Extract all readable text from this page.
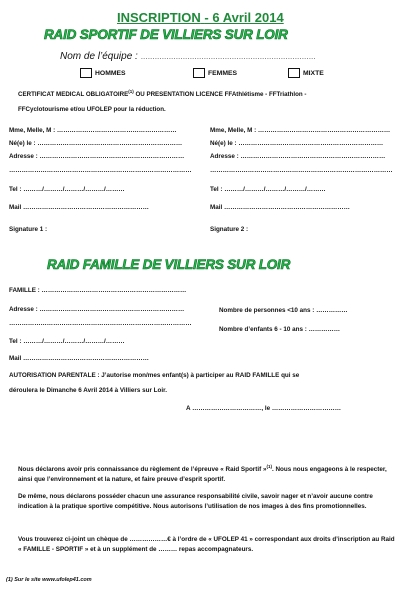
INSCRIPTION - 6 Avril 2014
RAID SPORTIF DE VILLIERS SUR LOIR
Nom de l’équipe : …………………………………………………………………
HOMMES	FEMMES	MIXTE
CERTIFICAT MEDICAL OBLIGATOIRE$^{(1)}$ OU PRESENTATION LICENCE FFAthlétisme - FFTriathlon -
FFCyclotourisme et/ou UFOLEP pour la réduction.
Mme, Melle, M : …………………………………………………
Né(e) le : ……………………………………………………………
Adresse : ……………………………………………………………
……………………………………………………………………………
Tel : ………/………/………/………/………
Mail ……………………………………………………
Signature 1 :
Mme, Melle, M : ………………………………………………………
Né(e) le : ……………………………………………………………
Adresse : ……………………………………………………………
……………………………………………………………………………
Tel : ………/………/………/………/………
Mail ……………………………………………………
Signature 2 :
RAID FAMILLE DE VILLIERS SUR LOIR
FAMILLE : ……………………………………………………………
Adresse : ……………………………………………………………
……………………………………………………………………………
Tel : ………/………/………/………/………
Mail ……………………………………………………
Nombre de personnes <10 ans : ……………
Nombre d’enfants 6 - 10 ans : ……………
AUTORISATION PARENTALE : J’autorise mon/mes enfant(s) à participer au RAID FAMILLE qui se
déroulera le Dimanche 6 Avril 2014 à Villiers sur Loir.
A ……………………………, le ……………………………
Nous déclarons avoir pris connaissance du règlement de l’épreuve « Raid Sportif »$^{(1)}$. Nous nous engageons à le respecter, ainsi que l’environnement et la nature, et faire preuve d’esprit sportif.
De même, nous déclarons posséder chacun une assurance responsabilité civile, savoir nager et n’avoir aucune contre indication à la pratique sportive compétitive. Nous autorisons l’utilisation de nos images à des fins promotionnelles.
Vous trouverez ci-joint un chèque de ………………€ à l’ordre de « UFOLEP 41 » correspondant aux droits d’inscription au Raid « FAMILLE - SPORTIF » et à un supplément de ……… repas accompagnateurs.
(1) Sur le site www.ufolep41.com
